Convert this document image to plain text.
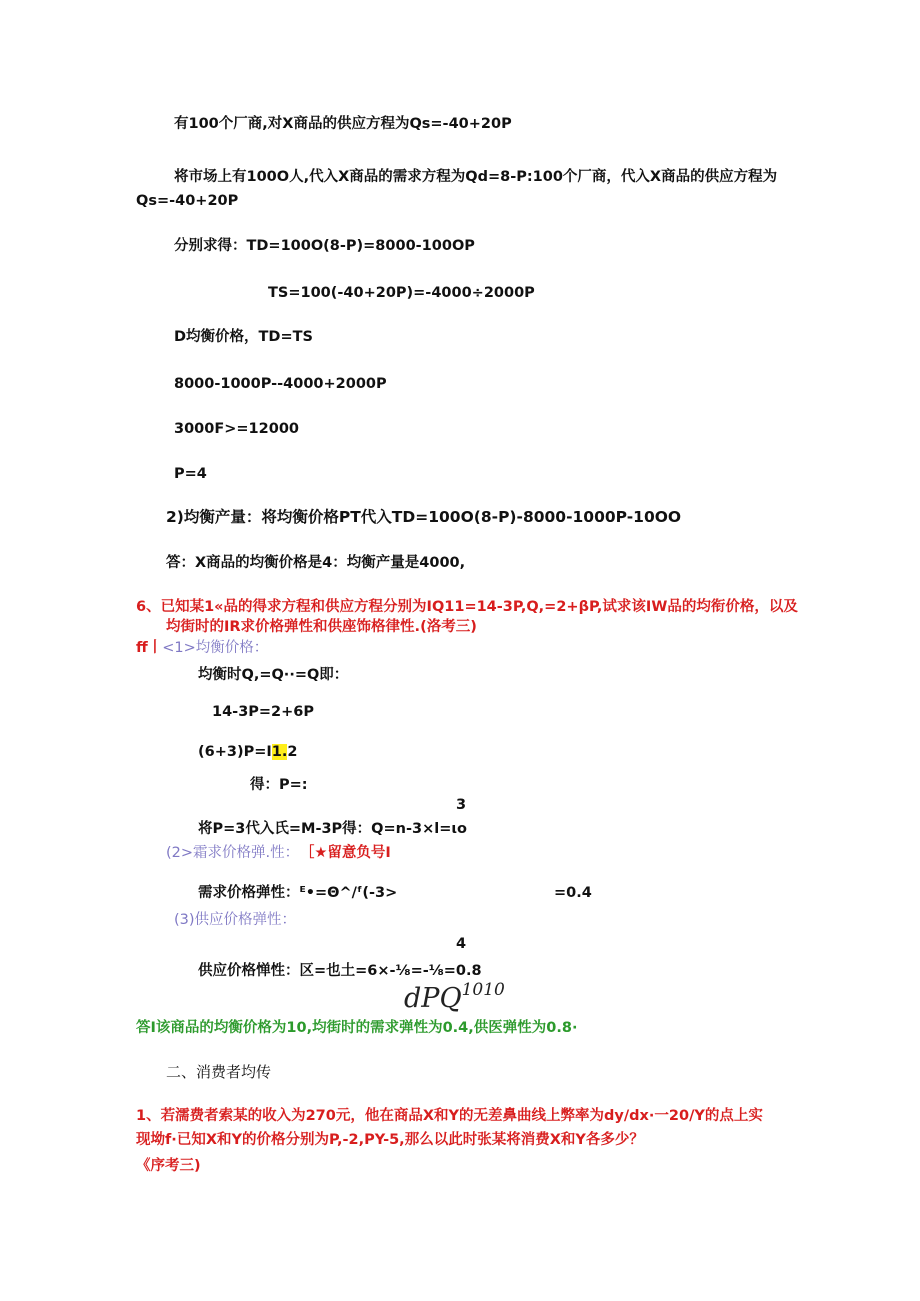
有100个厂商,对X商品的供应方程为Qs=-40+20P
将市场上有100O人,代入X商品的需求方程为Qd=8-P:100个厂商，代入X商品的供应方程为
Qs=-40+20P
分别求得：TD=100O(8-P)=8000-100OP
TS=100(-40+20P)=-4000÷2000P
D均衡价格，TD=TS
8000-1000P--4000+2000P
3000F>=12000
P=4
2)均衡产量：将均衡价格PT代入TD=100O(8-P)-8000-1000P-10OO
答：X商品的均衡价格是4：均衡产量是4000,
6、已知某1«品的得求方程和供应方程分别为IQ11=14-3P,Q,=2+βP,试求该IW品的均衔价格，以及
均街时的IR求价格弹性和供座饰格律性.(洛考三)
ff丨<1>均衡价格：
均衡时Q,=Q··=Q即：
14-3P=2+6P
(6+3)P=I1.2
得：P=:
3
将P=3代入氏=M-3P得：Q=n-3×l=ιo
(2>霜求价格弹.性： ［★留意负号I
需求价格弹性：ᴱ•=Θ^/ᶠ(-3>	=0.4
(3)供应价格弹性：
4
供应价格惮性：区=也土=6×-⅛=-⅛=0.8
dPQ$^{1010}$
答I该商品的均衡价格为10,均街时的需求弹性为0.4,供医弹性为0.8·
二、消费者均传
1、若濡费者索某的收入为270元，他在商品X和Y的无差鼻曲线上弊率为dy/dx·一20/Y的点上实
现坳f·已知X和Y的价格分别为P,-2,PY-5,那么以此时张某将消费X和Y各多少？
《序考三)
